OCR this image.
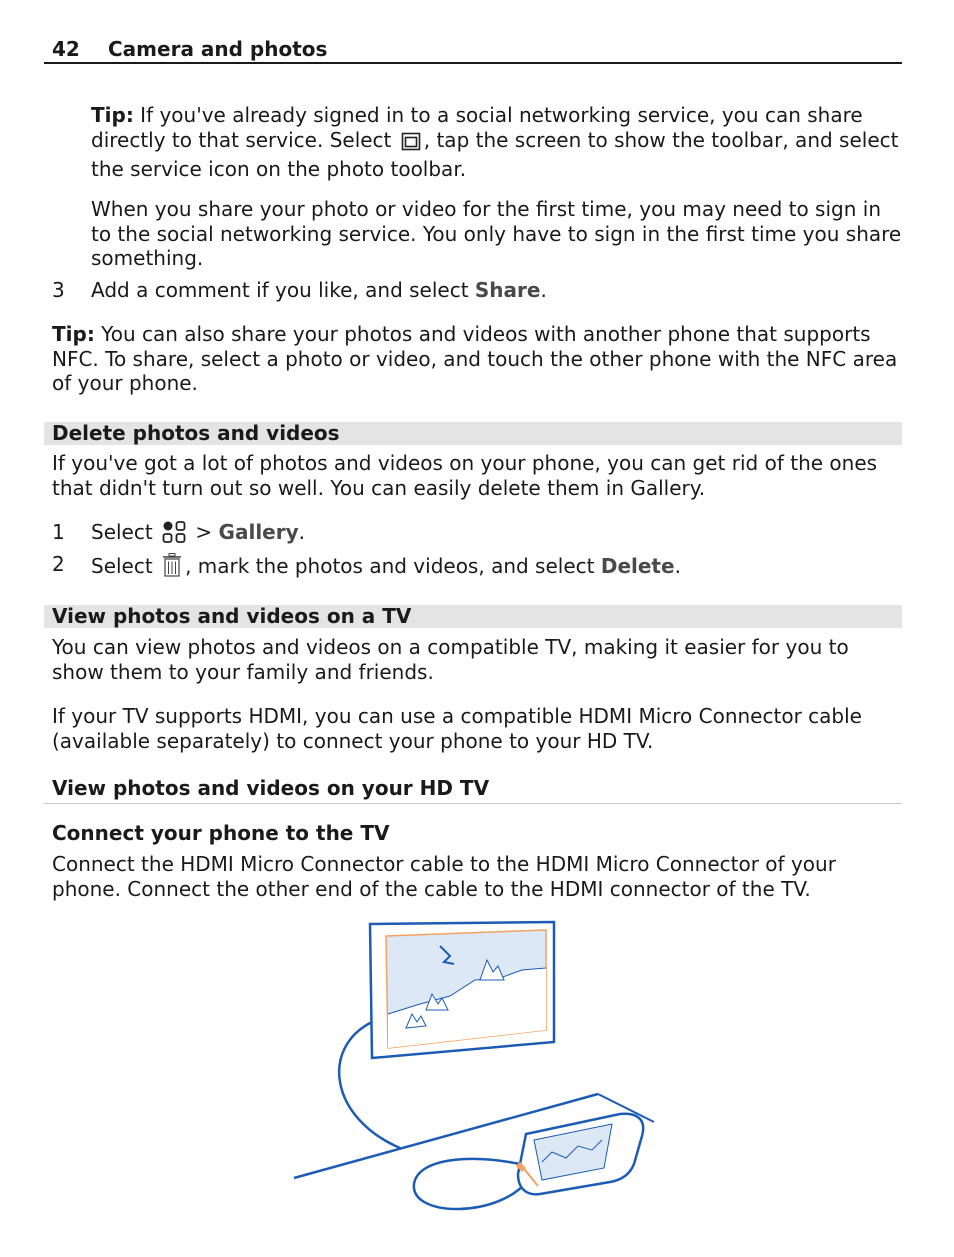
42 Camera and photos

Tip: If you've already signed in to a social networking service, you can share directly to that service. Select , tap the screen to show the toolbar, and select the service icon on the photo toolbar.

When you share your photo or video for the first time, you may need to sign in to the social networking service. You only have to sign in the first time you share something.

3 Add a comment if you like, and select Share.

Tip: You can also share your photos and videos with another phone that supports NFC. To share, select a photo or video, and touch the other phone with the NFC area of your phone.

Delete photos and videos

If you've got a lot of photos and videos on your phone, you can get rid of the ones that didn't turn out so well. You can easily delete them in Gallery.

1 Select  > Gallery.

2 Select , mark the photos and videos, and select Delete.

View photos and videos on a TV

You can view photos and videos on a compatible TV, making it easier for you to show them to your family and friends.

If your TV supports HDMI, you can use a compatible HDMI Micro Connector cable (available separately) to connect your phone to your HD TV.

View photos and videos on your HD TV
Connect your phone to the TV

Connect the HDMI Micro Connector cable to the HDMI Micro Connector of your phone. Connect the other end of the cable to the HDMI connector of the TV.
